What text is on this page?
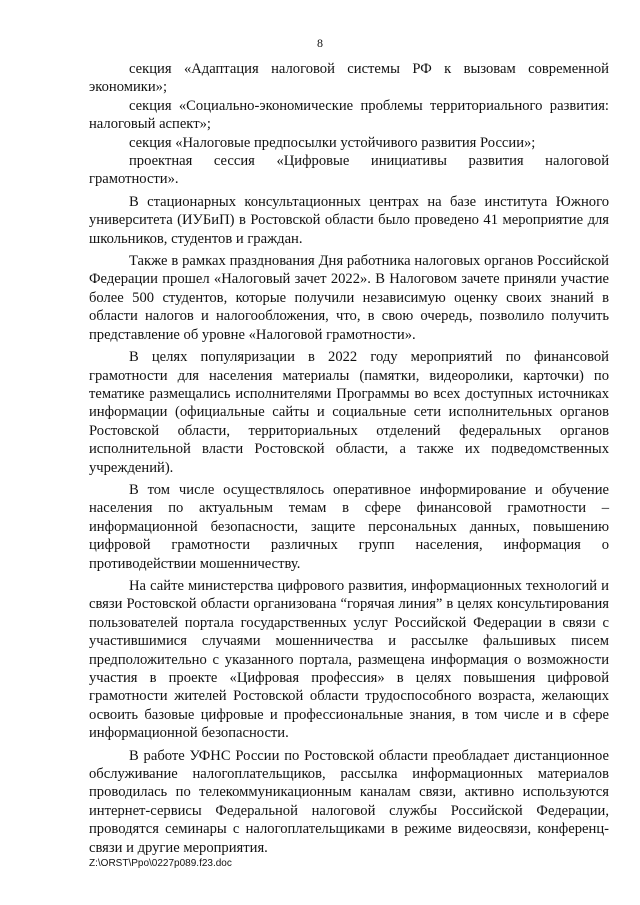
8

секция «Адаптация налоговой системы РФ к вызовам современной экономики»;

секция «Социально-экономические проблемы территориального развития: налоговый аспект»;

секция «Налоговые предпосылки устойчивого развития России»;

проектная сессия «Цифровые инициативы развития налоговой грамотности».

В стационарных консультационных центрах на базе института Южного университета (ИУБиП) в Ростовской области было проведено 41 мероприятие для школьников, студентов и граждан.

Также в рамках празднования Дня работника налоговых органов Российской Федерации прошел «Налоговый зачет 2022». В Налоговом зачете приняли участие более 500 студентов, которые получили независимую оценку своих знаний в области налогов и налогообложения, что, в свою очередь, позволило получить представление об уровне «Налоговой грамотности».

В целях популяризации в 2022 году мероприятий по финансовой грамотности для населения материалы (памятки, видеоролики, карточки) по тематике размещались исполнителями Программы во всех доступных источниках информации (официальные сайты и социальные сети исполнительных органов Ростовской области, территориальных отделений федеральных органов исполнительной власти Ростовской области, а также их подведомственных учреждений).

В том числе осуществлялось оперативное информирование и обучение населения по актуальным темам в сфере финансовой грамотности – информационной безопасности, защите персональных данных, повышению цифровой грамотности различных групп населения, информация о противодействии мошенничеству.

На сайте министерства цифрового развития, информационных технологий и связи Ростовской области организована “горячая линия” в целях консультирования пользователей портала государственных услуг Российской Федерации в связи с участившимися случаями мошенничества и рассылке фальшивых писем предположительно с указанного портала, размещена информация о возможности участия в проекте «Цифровая профессия» в целях повышения цифровой грамотности жителей Ростовской области трудоспособного возраста, желающих освоить базовые цифровые и профессиональные знания, в том числе и в сфере информационной безопасности.

В работе УФНС России по Ростовской области преобладает дистанционное обслуживание налогоплательщиков, рассылка информационных материалов проводилась по телекоммуникационным каналам связи, активно используются интернет-сервисы Федеральной налоговой службы Российской Федерации, проводятся семинары с налогоплательщиками в режиме видеосвязи, конференц-связи и другие мероприятия.

Z:\ORST\Ppo\0227p089.f23.doc
